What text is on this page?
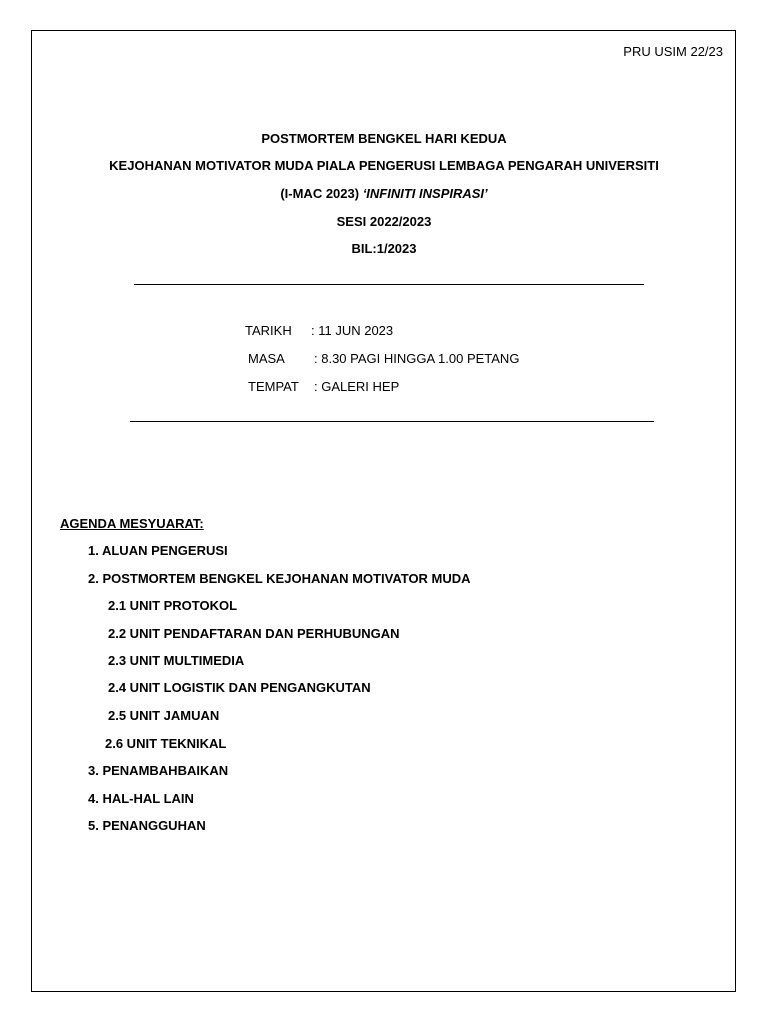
PRU USIM 22/23
POSTMORTEM BENGKEL HARI KEDUA
KEJOHANAN MOTIVATOR MUDA PIALA PENGERUSI LEMBAGA PENGARAH UNIVERSITI
(I-MAC 2023) ‘INFINITI INSPIRASI’
SESI 2022/2023
BIL:1/2023
TARIKH : 11 JUN 2023
MASA : 8.30 PAGI HINGGA 1.00 PETANG
TEMPAT : GALERI HEP
AGENDA MESYUARAT:
1. ALUAN PENGERUSI
2. POSTMORTEM BENGKEL KEJOHANAN MOTIVATOR MUDA
2.1 UNIT PROTOKOL
2.2 UNIT PENDAFTARAN DAN PERHUBUNGAN
2.3 UNIT MULTIMEDIA
2.4 UNIT LOGISTIK DAN PENGANGKUTAN
2.5 UNIT JAMUAN
2.6 UNIT TEKNIKAL
3. PENAMBAHBAIKAN
4. HAL-HAL LAIN
5. PENANGGUHAN
